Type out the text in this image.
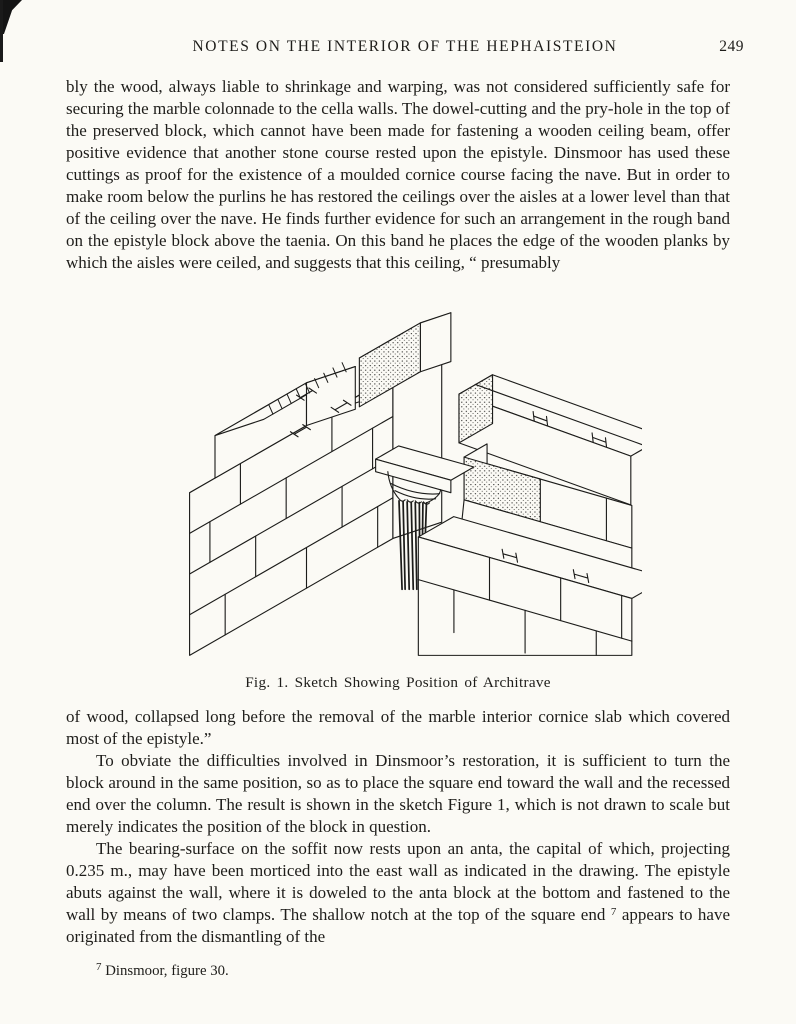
NOTES ON THE INTERIOR OF THE HEPHAISTEION	249

bly the wood, always liable to shrinkage and warping, was not considered sufficiently safe for securing the marble colonnade to the cella walls. The dowel-cutting and the pry-hole in the top of the preserved block, which cannot have been made for fastening a wooden ceiling beam, offer positive evidence that another stone course rested upon the epistyle. Dinsmoor has used these cuttings as proof for the existence of a moulded cornice course facing the nave. But in order to make room below the purlins he has restored the ceilings over the aisles at a lower level than that of the ceiling over the nave. He finds further evidence for such an arrangement in the rough band on the epistyle block above the taenia. On this band he places the edge of the wooden planks by which the aisles were ceiled, and suggests that this ceiling, “ presumably

Fig. 1. Sketch Showing Position of Architrave

of wood, collapsed long before the removal of the marble interior cornice slab which covered most of the epistyle.”

To obviate the difficulties involved in Dinsmoor’s restoration, it is sufficient to turn the block around in the same position, so as to place the square end toward the wall and the recessed end over the column. The result is shown in the sketch Figure 1, which is not drawn to scale but merely indicates the position of the block in question.

The bearing-surface on the soffit now rests upon an anta, the capital of which, projecting 0.235 m., may have been morticed into the east wall as indicated in the drawing. The epistyle abuts against the wall, where it is doweled to the anta block at the bottom and fastened to the wall by means of two clamps. The shallow notch at the top of the square end $^7$ appears to have originated from the dismantling of the

$^7$ Dinsmoor, figure 30.
